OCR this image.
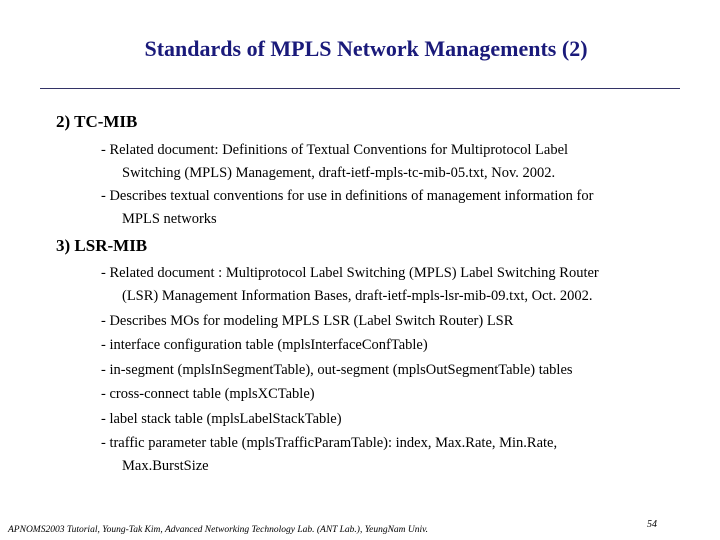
Standards of MPLS Network Managements (2)
2) TC-MIB
- Related document: Definitions of Textual Conventions for Multiprotocol Label
Switching (MPLS) Management, draft-ietf-mpls-tc-mib-05.txt, Nov. 2002.
- Describes textual conventions for use in definitions of management information for
MPLS networks
3) LSR-MIB
- Related document : Multiprotocol Label Switching (MPLS) Label Switching Router
(LSR) Management Information Bases, draft-ietf-mpls-lsr-mib-09.txt, Oct. 2002.
- Describes MOs for modeling MPLS LSR (Label Switch Router) LSR
- interface configuration table (mplsInterfaceConfTable)
- in-segment (mplsInSegmentTable), out-segment (mplsOutSegmentTable) tables
- cross-connect table (mplsXCTable)
- label stack table (mplsLabelStackTable)
- traffic parameter table (mplsTrafficParamTable): index, Max.Rate, Min.Rate,
Max.BurstSize
APNOMS2003 Tutorial, Young-Tak Kim, Advanced Networking Technology Lab. (ANT Lab.), YeungNam Univ.	54
